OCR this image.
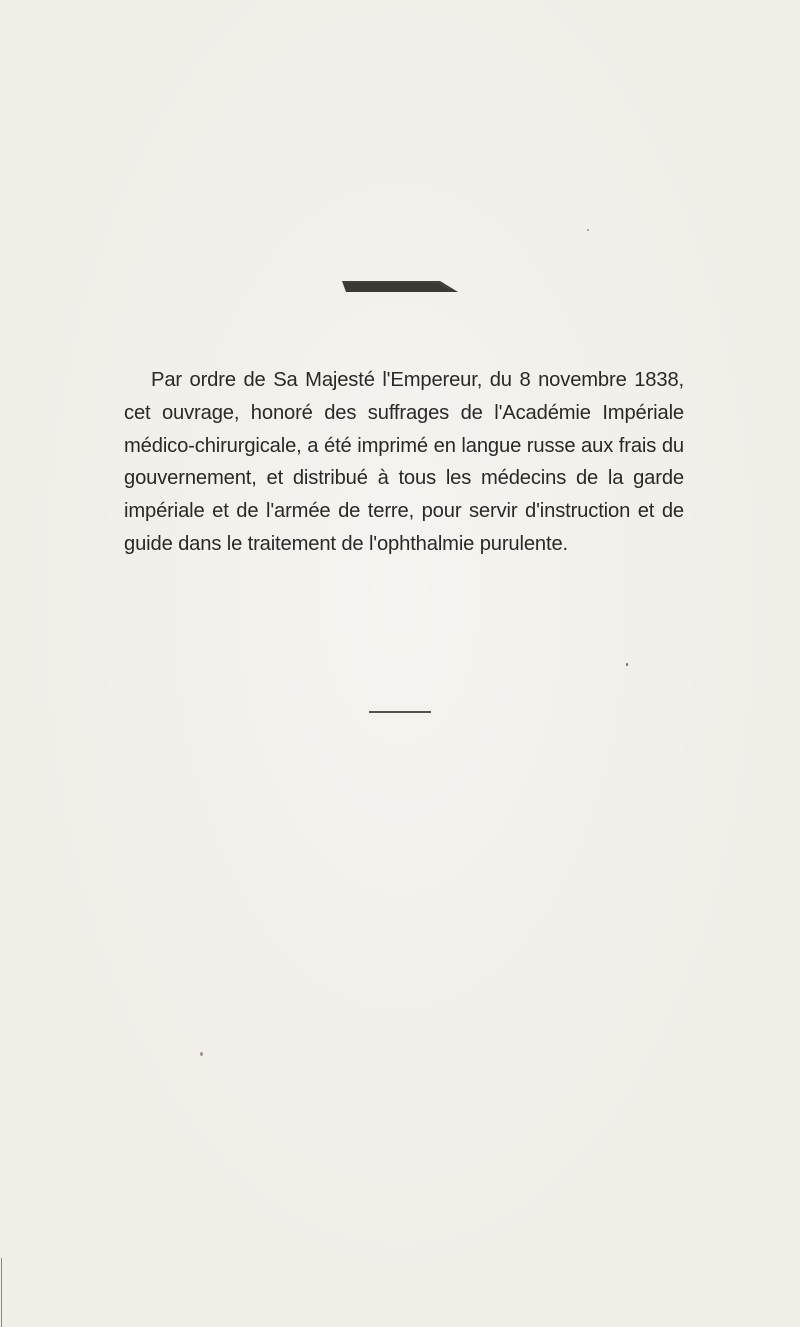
Par ordre de Sa Majesté l'Empereur, du 8 novembre 1838, cet ouvrage, honoré des suffrages de l'Académie Impériale médico-chirurgicale, a été imprimé en langue russe aux frais du gouvernement, et distribué à tous les médecins de la garde impériale et de l'armée de terre, pour servir d'instruction et de guide dans le traitement de l'ophthalmie purulente.
